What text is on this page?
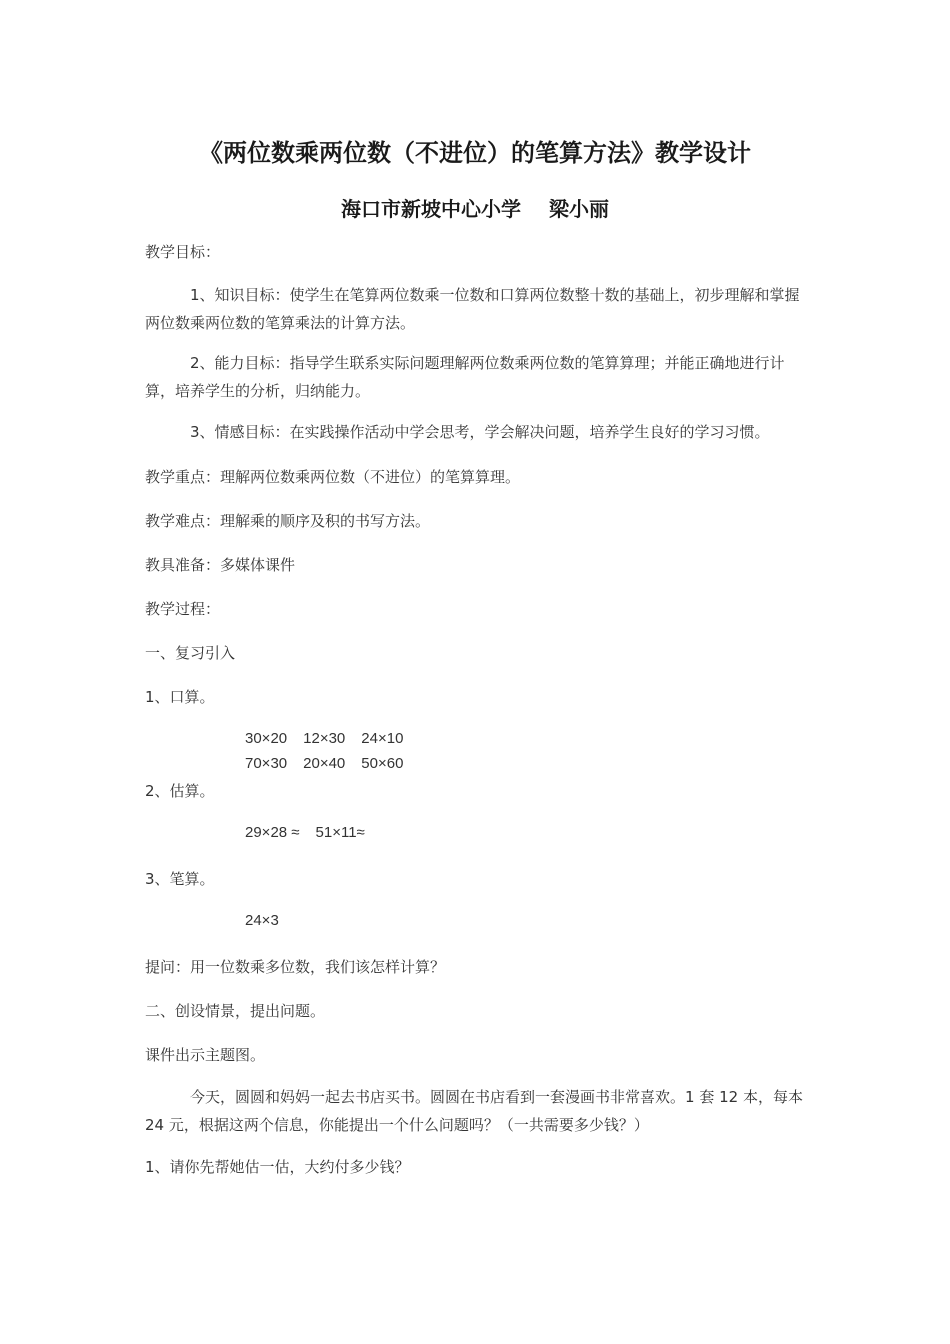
《两位数乘两位数（不进位）的笔算方法》教学设计
海口市新坡中心小学 梁小丽
教学目标：
1、知识目标：使学生在笔算两位数乘一位数和口算两位数整十数的基础上，初步理解和掌握两位数乘两位数的笔算乘法的计算方法。
2、能力目标：指导学生联系实际问题理解两位数乘两位数的笔算算理；并能正确地进行计算，培养学生的分析，归纳能力。
3、情感目标：在实践操作活动中学会思考，学会解决问题，培养学生良好的学习习惯。
教学重点：理解两位数乘两位数（不进位）的笔算算理。
教学难点：理解乘的顺序及积的书写方法。
教具准备：多媒体课件
教学过程：
一、复习引入
1、口算。
30×20 12×30 24×10
70×30 20×40 50×60
2、估算。
29×28 ≈ 51×11≈
3、笔算。
24×3
提问：用一位数乘多位数，我们该怎样计算？
二、创设情景，提出问题。
课件出示主题图。
今天，圆圆和妈妈一起去书店买书。圆圆在书店看到一套漫画书非常喜欢。1 套 12 本，每本 24 元，根据这两个信息，你能提出一个什么问题吗？（一共需要多少钱？）
1、请你先帮她估一估，大约付多少钱？
